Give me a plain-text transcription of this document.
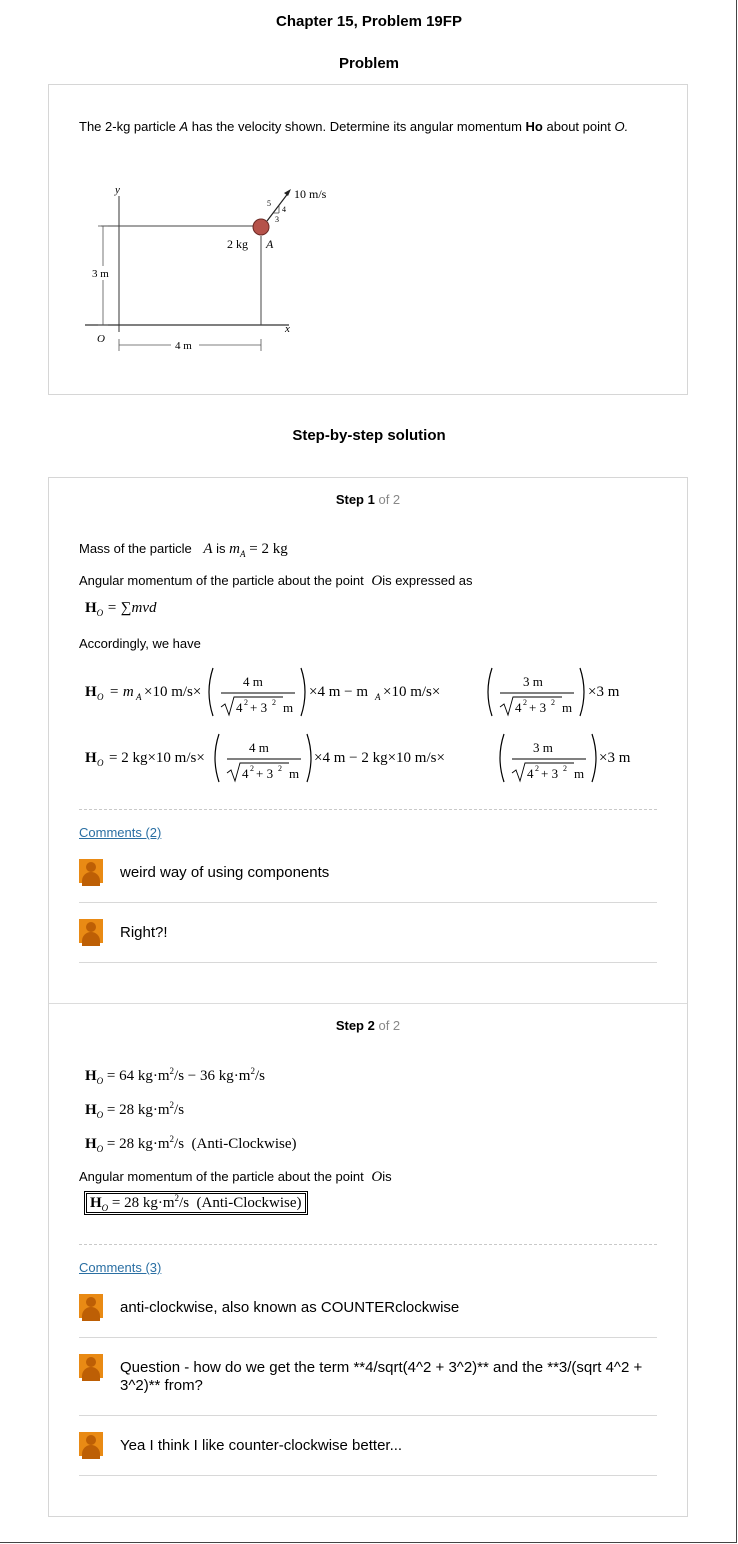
Chapter 15, Problem 19FP
Problem
The 2-kg particle A has the velocity shown. Determine its angular momentum Ho about point O.
y
x
3 m
O
4 m
10 m/s
5
4
3
2 kg A
Step-by-step solution
Step 1 of 2
Mass of the particle A is $m_A = 2$ kg
Angular momentum of the particle about the point Ois expressed as
$H_O = \sum mvd$
Accordingly, we have
H O = m A ×10 m/s×
4 m
4 2 + 3 2 m
×4 m − m A ×10 m/s×
3 m
4 2 + 3 2 m
×3 m
H O = 2 kg×10 m/s×
4 m
4 2 + 3 2 m
×4 m − 2 kg×10 m/s×
3 m
4 2 + 3 2 m
×3 m
Comments (2)
weird way of using components
Right?!
Step 2 of 2
$H_O = 64$ $kg\cdot m^2/s - 36$ $kg\cdot m^2/s$
$H_O = 28$ $kg\cdot m^2/s$
$H_O = 28$ $kg\cdot m^2/s$  (Anti-Clockwise)
Angular momentum of the particle about the point Ois
$H_O = 28$ $kg\cdot m^2/s$  (Anti-Clockwise)
Comments (3)
anti-clockwise, also known as COUNTERclockwise
Question - how do we get the term **4/sqrt(4^2 + 3^2)** and the **3/(sqrt 4^2 + 3^2)** from?
Yea I think I like counter-clockwise better...
